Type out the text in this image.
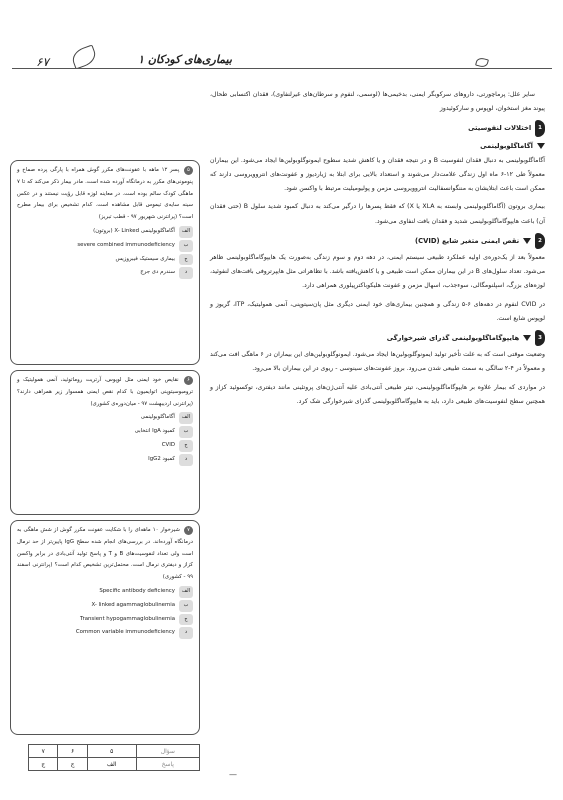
۶۷	بیماری‌های کودکان ۱

سایر علل: پرماچورتی، داروهای سرکوبگر ایمنی، بدخیمی‌ها (لوسمی، لنفوم و سرطان‌های غیرلنفاوی)، فقدان اکتسابی طحال، پیوند مغز استخوان، لوپوس و سارکوئیدوز

1
اختلالات لنفوسیتی
آگاماگلوبولینمی

آگاماگلوبولینمی به دنبال فقدان لنفوسیت B و در نتیجه فقدان و یا کاهش شدید سطوح ایمونوگلوبولین‌ها ایجاد می‌شود. این بیماران معمولاً طی ۱۲-۶ ماه اول زندگی علامت‌دار می‌شوند و استعداد بالایی برای ابتلا به ژیاردیوز و عفونت‌های انتروویروسی دارند که ممکن است باعث ابتلایشان به مننگوانسفالیت انتروویروسی مزمن و پولیومیلیت مرتبط با واکسن شود.

بیماری بروتون (آگاماگلوبولینمی وابسته به XLA یا X) که فقط پسرها را درگیر می‌کند به دنبال کمبود شدید سلول B (حتی فقدان آن) باعث هایپوگاماگلوبولینمی شدید و فقدان بافت لنفاوی می‌شود.

2
نقص ایمنی متغیر شایع (CVID)

معمولاً بعد از یک‌دوره‌ی اولیه عملکرد طبیعی سیستم ایمنی، در دهه دوم و سوم زندگی به‌صورت یک هایپوگاماگلوبولینمی ظاهر می‌شود. تعداد سلول‌های B در این بیماران ممکن است طبیعی و یا کاهش‌یافته باشد. با تظاهراتی مثل هایپرتروفی بافت‌های لنفوئید، لوزه‌های بزرگ، اسپلنومگالی، سوءجذب، اسهال مزمن و عفونت هلیکوباکترپیلوری همراهی دارد.

در CVID لنفوم در دهه‌های ۶-۵ زندگی و همچنین بیماری‌های خود ایمنی دیگری مثل پان‌سیتوپنی، آنمی همولیتیک، ITP، گریوز و لوپوس شایع است.

3
هایپوگاماگلوبولینمی گذرای شیرخوارگی

وضعیت موقتی است که به علت تأخیر تولید ایمونوگلوبولین‌ها ایجاد می‌شود. ایمونوگلوبولین‌های این بیماران در ۶ ماهگی افت می‌کند و معمولاً در ۴-۲ سالگی به سمت طبیعی شدن می‌رود. بروز عفونت‌های سینوسی - ریوی در این بیماران بالا می‌رود.

در مواردی که بیمار علاوه بر هایپوگاماگلوبولینمی، تیتر طبیعی آنتی‌بادی علیه آنتی‌ژن‌های پروتئینی مانند دیفتری، توکسوئید کزاز و همچنین سطح لنفوسیت‌های طبیعی دارد، باید به هایپوگاماگلوبولینمی گذرای شیرخوارگی شک کرد.

۵ پسر ۱۲ ماهه با عفونت‌های مکرر گوش همراه با پارگی پرده صماخ و پنومونی‌های مکرر به درمانگاه آورده شده است. مادر بیمار ذکر می‌کند که تا ۷ ماهگی کودک سالم بوده است. در معاینه لوزه قابل رؤیت نیستند و در عکس سینه سایه‌ی تیموس قابل مشاهده است. کدام تشخیص برای بیمار مطرح است؟ (پرانترنی شهریور ۹۷ - قطب تبریز)
الف
آگاماگلوبولینمی X- Linked (بروتون)
ب
severe combined immunodeficiency
ج
بیماری سیستیک فیبروزیس
د
سندرم دی جرج
۶ نقایص خود ایمنی مثل لوپوس، آرتریت روماتوئید، آنمی همولیتیک و ترومبوسیتوپنی اتوایمیون با کدام نقص ایمنی همسوار زیر همراهی دارند؟ (پرانترنی اردیبهشت ۹۷ - میان‌دوره‌ی کشوری)
الف
آگاماگلوبولینمی
ب
کمبود IgA انتخابی
ج
CVID
د
کمبود IgG2
۷ شیرخوار ۱۰ ماهه‌ای را با شکایت عفونت مکرر گوش از شش ماهگی به درمانگاه آورده‌اند. در بررسی‌های انجام شده سطح IgG پایین‌تر از حد نرمال است ولی تعداد لنفوسیت‌های B و T و پاسخ تولید آنتی‌بادی در برابر واکسن کزاز و دیفتری نرمال است. محتمل‌ترین تشخیص کدام است؟ (پرانترنی اسفند ۹۹ - کشوری)
الف
Specific antibody deficiency
ب
X- linked agammaglobulinemia
ج
Transient hypogammaglobulinemia
د
Common variable immunodeficiency
سؤال	۵	۶	۷
پاسخ	الف	ج	ج
—
